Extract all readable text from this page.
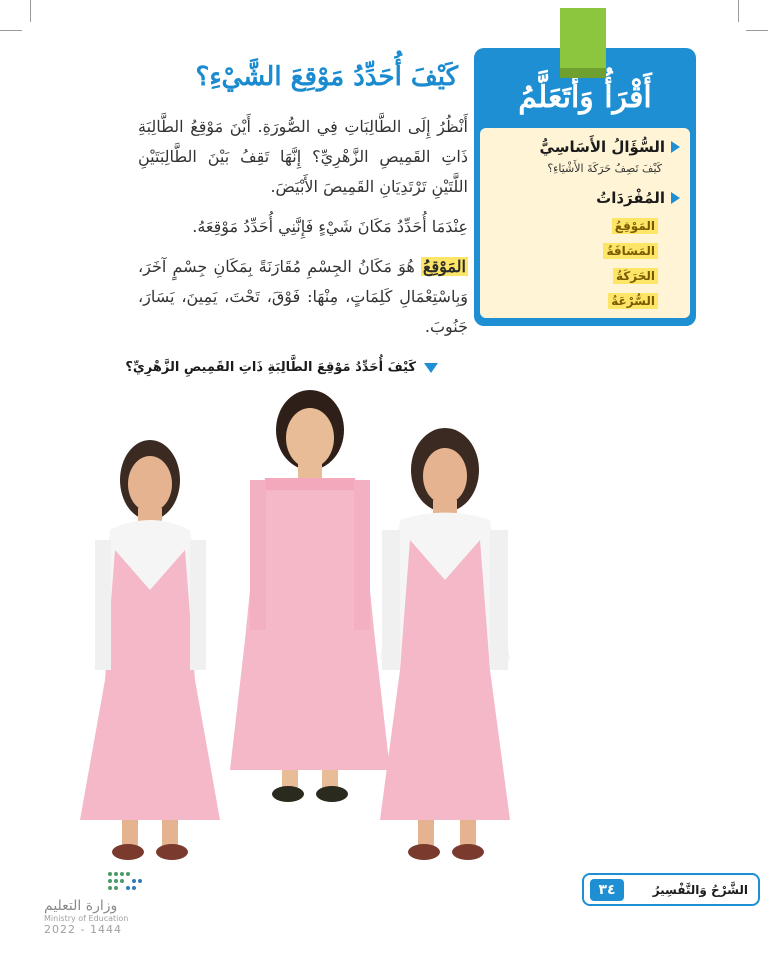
أَقْرَأُ وَأَتَعَلَّمُ
السُّؤَالُ الأَسَاسِيُّ
كَيْفَ تَصِفُ حَرَكَةَ الأَشْيَاءِ؟
المُفْرَدَاتُ
المَوْقِعُ
المَسَافَةُ
الحَرَكَةُ
السُّرْعَةُ
كَيْفَ أُحَدِّدُ مَوْقِعَ الشَّيْءِ؟
أَنْظُرُ إِلَى الطَّالِبَاتِ فِي الصُّورَةِ. أَيْنَ مَوْقِعُ الطَّالِبَةِ ذَاتِ القَمِيصِ الزَّهْرِيِّ؟ إِنَّهَا تَقِفُ بَيْنَ الطَّالِبَتَيْنِ اللَّتَيْنِ تَرْتَدِيَانِ القَمِيصَ الأَبْيَضَ.
عِنْدَمَا أُحَدِّدُ مَكَانَ شَيْءٍ فَإِنَّنِي أُحَدِّدُ مَوْقِعَهُ.
المَوْقِعُ هُوَ مَكَانُ الجِسْمِ مُقَارَنَةً بِمَكَانِ جِسْمٍ آخَرَ، وَبِاسْتِعْمَالِ كَلِمَاتٍ، مِنْهَا: فَوْقَ، تَحْتَ، يَمِينَ، يَسَارَ، جَنُوبَ.
كَيْفَ أُحَدِّدُ مَوْقِعَ الطَّالِبَةِ ذَاتِ القَمِيصِ الزَّهْرِيِّ؟
وزارة التعليم
Ministry of Education
2022 - 1444
الشَّرْحُ وَالتَّفْسِيرُ
٣٤
